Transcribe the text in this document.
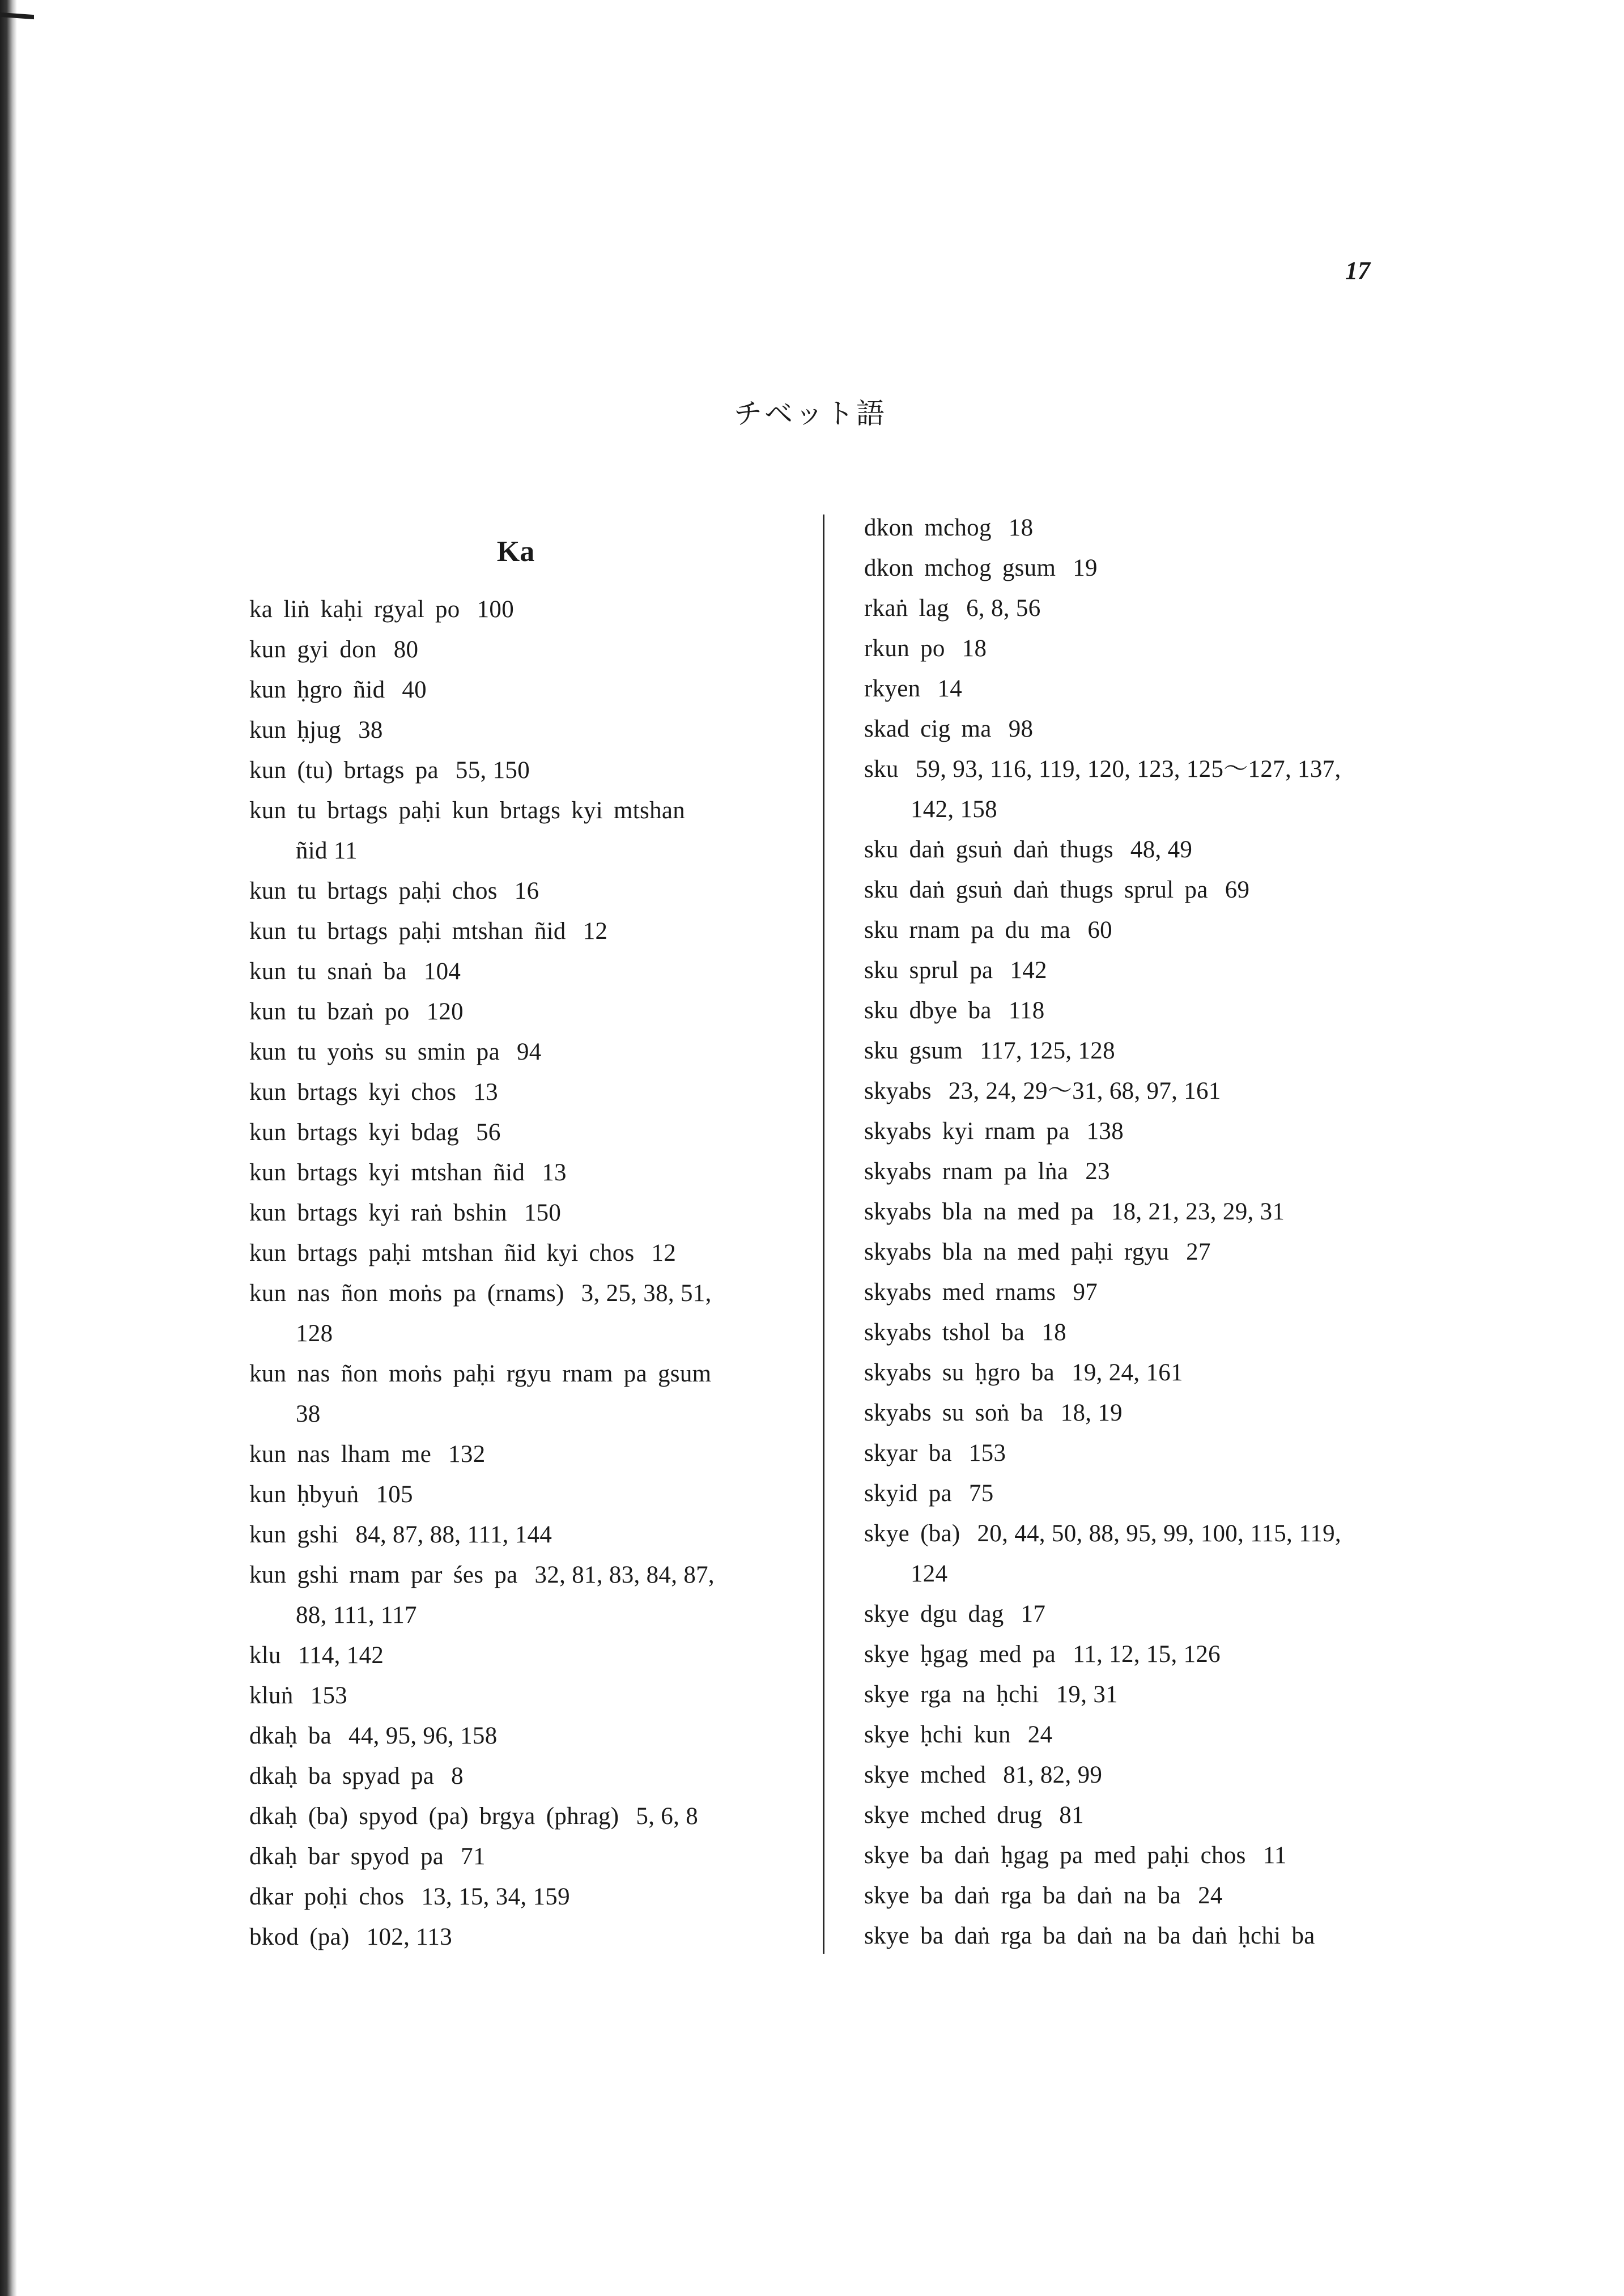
17
チベット語
Ka
ka liṅ kaḥi rgyal po 100
kun gyi don 80
kun ḥgro ñid 40
kun ḥjug 38
kun (tu) brtags pa 55, 150
kun tu brtags paḥi kun brtags kyi mtshan
ñid 11
kun tu brtags paḥi chos 16
kun tu brtags paḥi mtshan ñid 12
kun tu snaṅ ba 104
kun tu bzaṅ po 120
kun tu yoṅs su smin pa 94
kun brtags kyi chos 13
kun brtags kyi bdag 56
kun brtags kyi mtshan ñid 13
kun brtags kyi raṅ bshin 150
kun brtags paḥi mtshan ñid kyi chos 12
kun nas ñon moṅs pa (rnams) 3, 25, 38, 51,
128
kun nas ñon moṅs paḥi rgyu rnam pa gsum
38
kun nas lham me 132
kun ḥbyuṅ 105
kun gshi 84, 87, 88, 111, 144
kun gshi rnam par śes pa 32, 81, 83, 84, 87,
88, 111, 117
klu 114, 142
kluṅ 153
dkaḥ ba 44, 95, 96, 158
dkaḥ ba spyad pa 8
dkaḥ (ba) spyod (pa) brgya (phrag) 5, 6, 8
dkaḥ bar spyod pa 71
dkar poḥi chos 13, 15, 34, 159
bkod (pa) 102, 113
dkon mchog 18
dkon mchog gsum 19
rkaṅ lag 6, 8, 56
rkun po 18
rkyen 14
skad cig ma 98
sku 59, 93, 116, 119, 120, 123, 125〜127, 137,
142, 158
sku daṅ gsuṅ daṅ thugs 48, 49
sku daṅ gsuṅ daṅ thugs sprul pa 69
sku rnam pa du ma 60
sku sprul pa 142
sku dbye ba 118
sku gsum 117, 125, 128
skyabs 23, 24, 29〜31, 68, 97, 161
skyabs kyi rnam pa 138
skyabs rnam pa lṅa 23
skyabs bla na med pa 18, 21, 23, 29, 31
skyabs bla na med paḥi rgyu 27
skyabs med rnams 97
skyabs tshol ba 18
skyabs su ḥgro ba 19, 24, 161
skyabs su soṅ ba 18, 19
skyar ba 153
skyid pa 75
skye (ba) 20, 44, 50, 88, 95, 99, 100, 115, 119,
124
skye dgu dag 17
skye ḥgag med pa 11, 12, 15, 126
skye rga na ḥchi 19, 31
skye ḥchi kun 24
skye mched 81, 82, 99
skye mched drug 81
skye ba daṅ ḥgag pa med paḥi chos 11
skye ba daṅ rga ba daṅ na ba 24
skye ba daṅ rga ba daṅ na ba daṅ ḥchi ba
